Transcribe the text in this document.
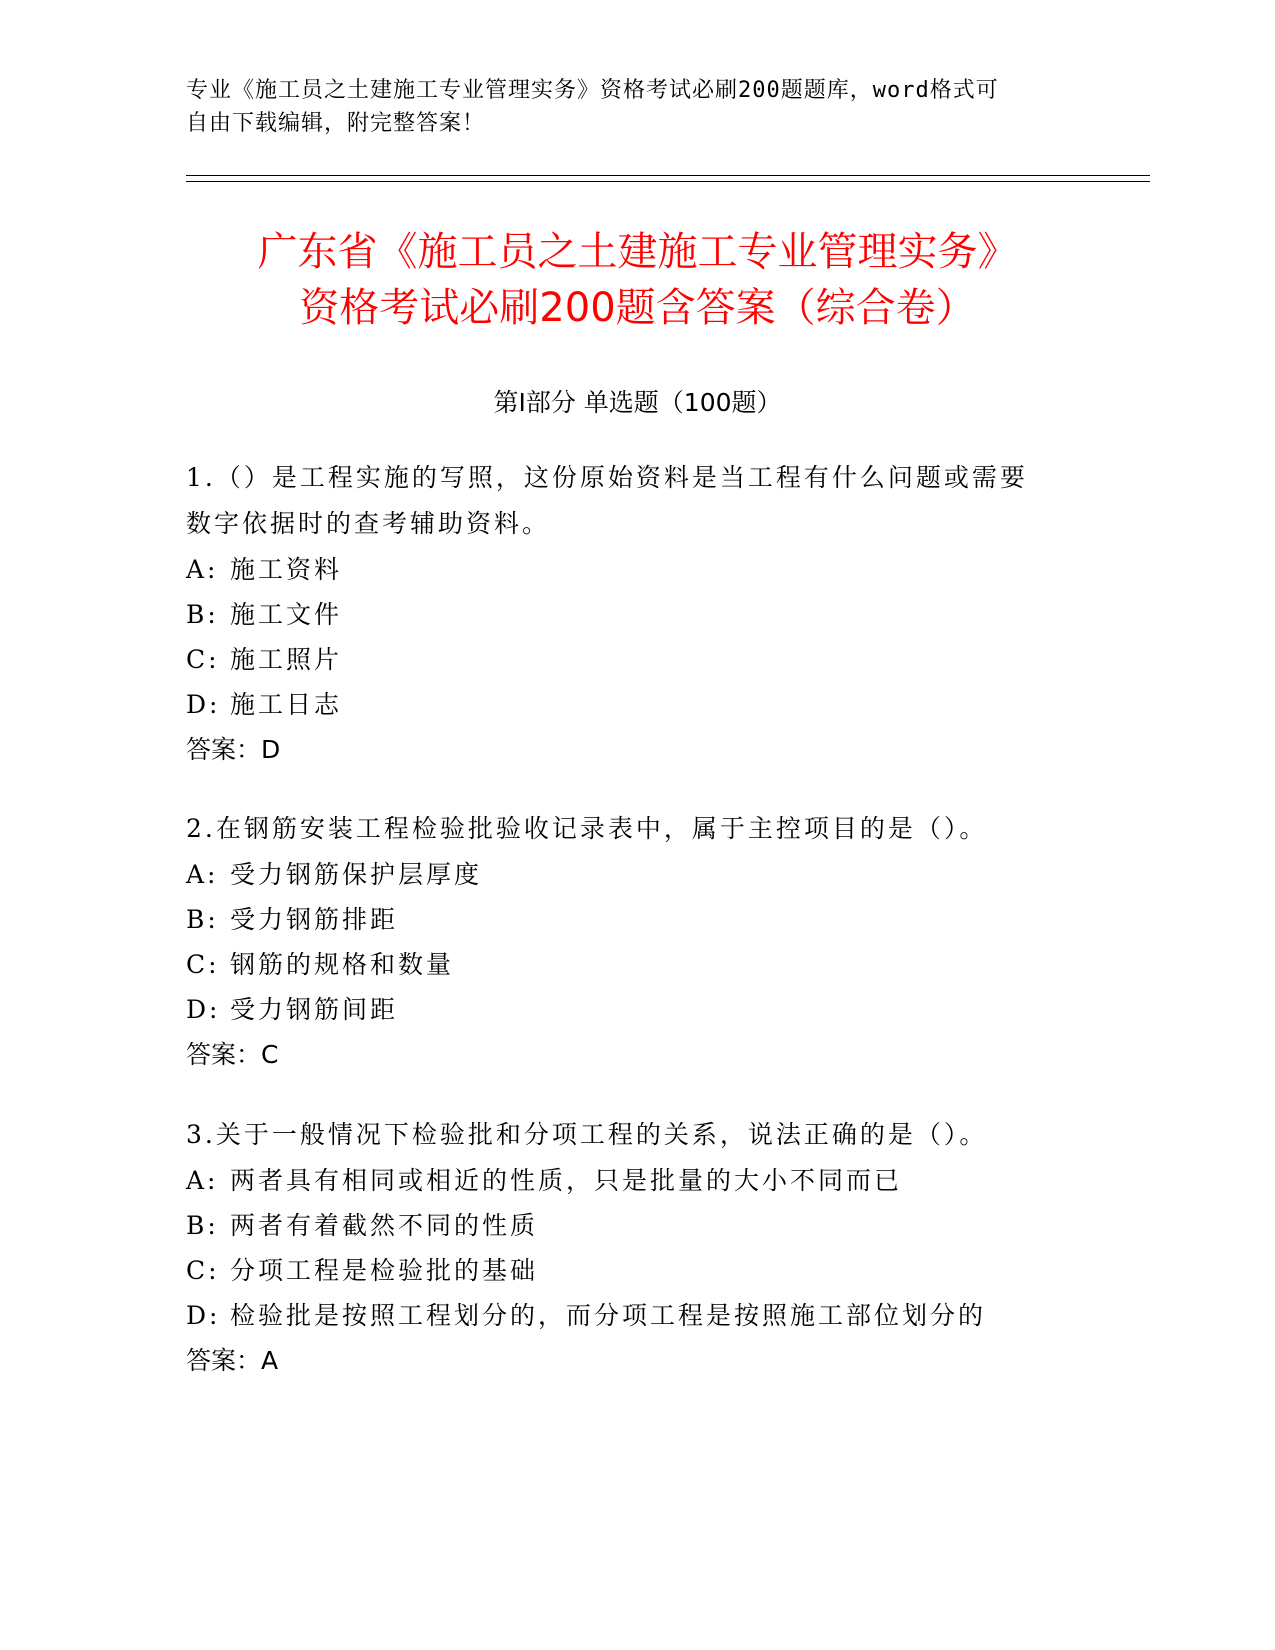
专业《施工员之土建施工专业管理实务》资格考试必刷200题题库，word格式可
自由下载编辑，附完整答案！
广东省《施工员之土建施工专业管理实务》
资格考试必刷200题含答案（综合卷）
第Ⅰ部分 单选题（100题）
1.（）是工程实施的写照，这份原始资料是当工程有什么问题或需要
数字依据时的查考辅助资料。
A: 施工资料
B: 施工文件
C: 施工照片
D: 施工日志
答案：D
2.在钢筋安装工程检验批验收记录表中，属于主控项目的是（）。
A: 受力钢筋保护层厚度
B: 受力钢筋排距
C: 钢筋的规格和数量
D: 受力钢筋间距
答案：C
3.关于一般情况下检验批和分项工程的关系，说法正确的是（）。
A: 两者具有相同或相近的性质，只是批量的大小不同而已
B: 两者有着截然不同的性质
C: 分项工程是检验批的基础
D: 检验批是按照工程划分的，而分项工程是按照施工部位划分的
答案：A
